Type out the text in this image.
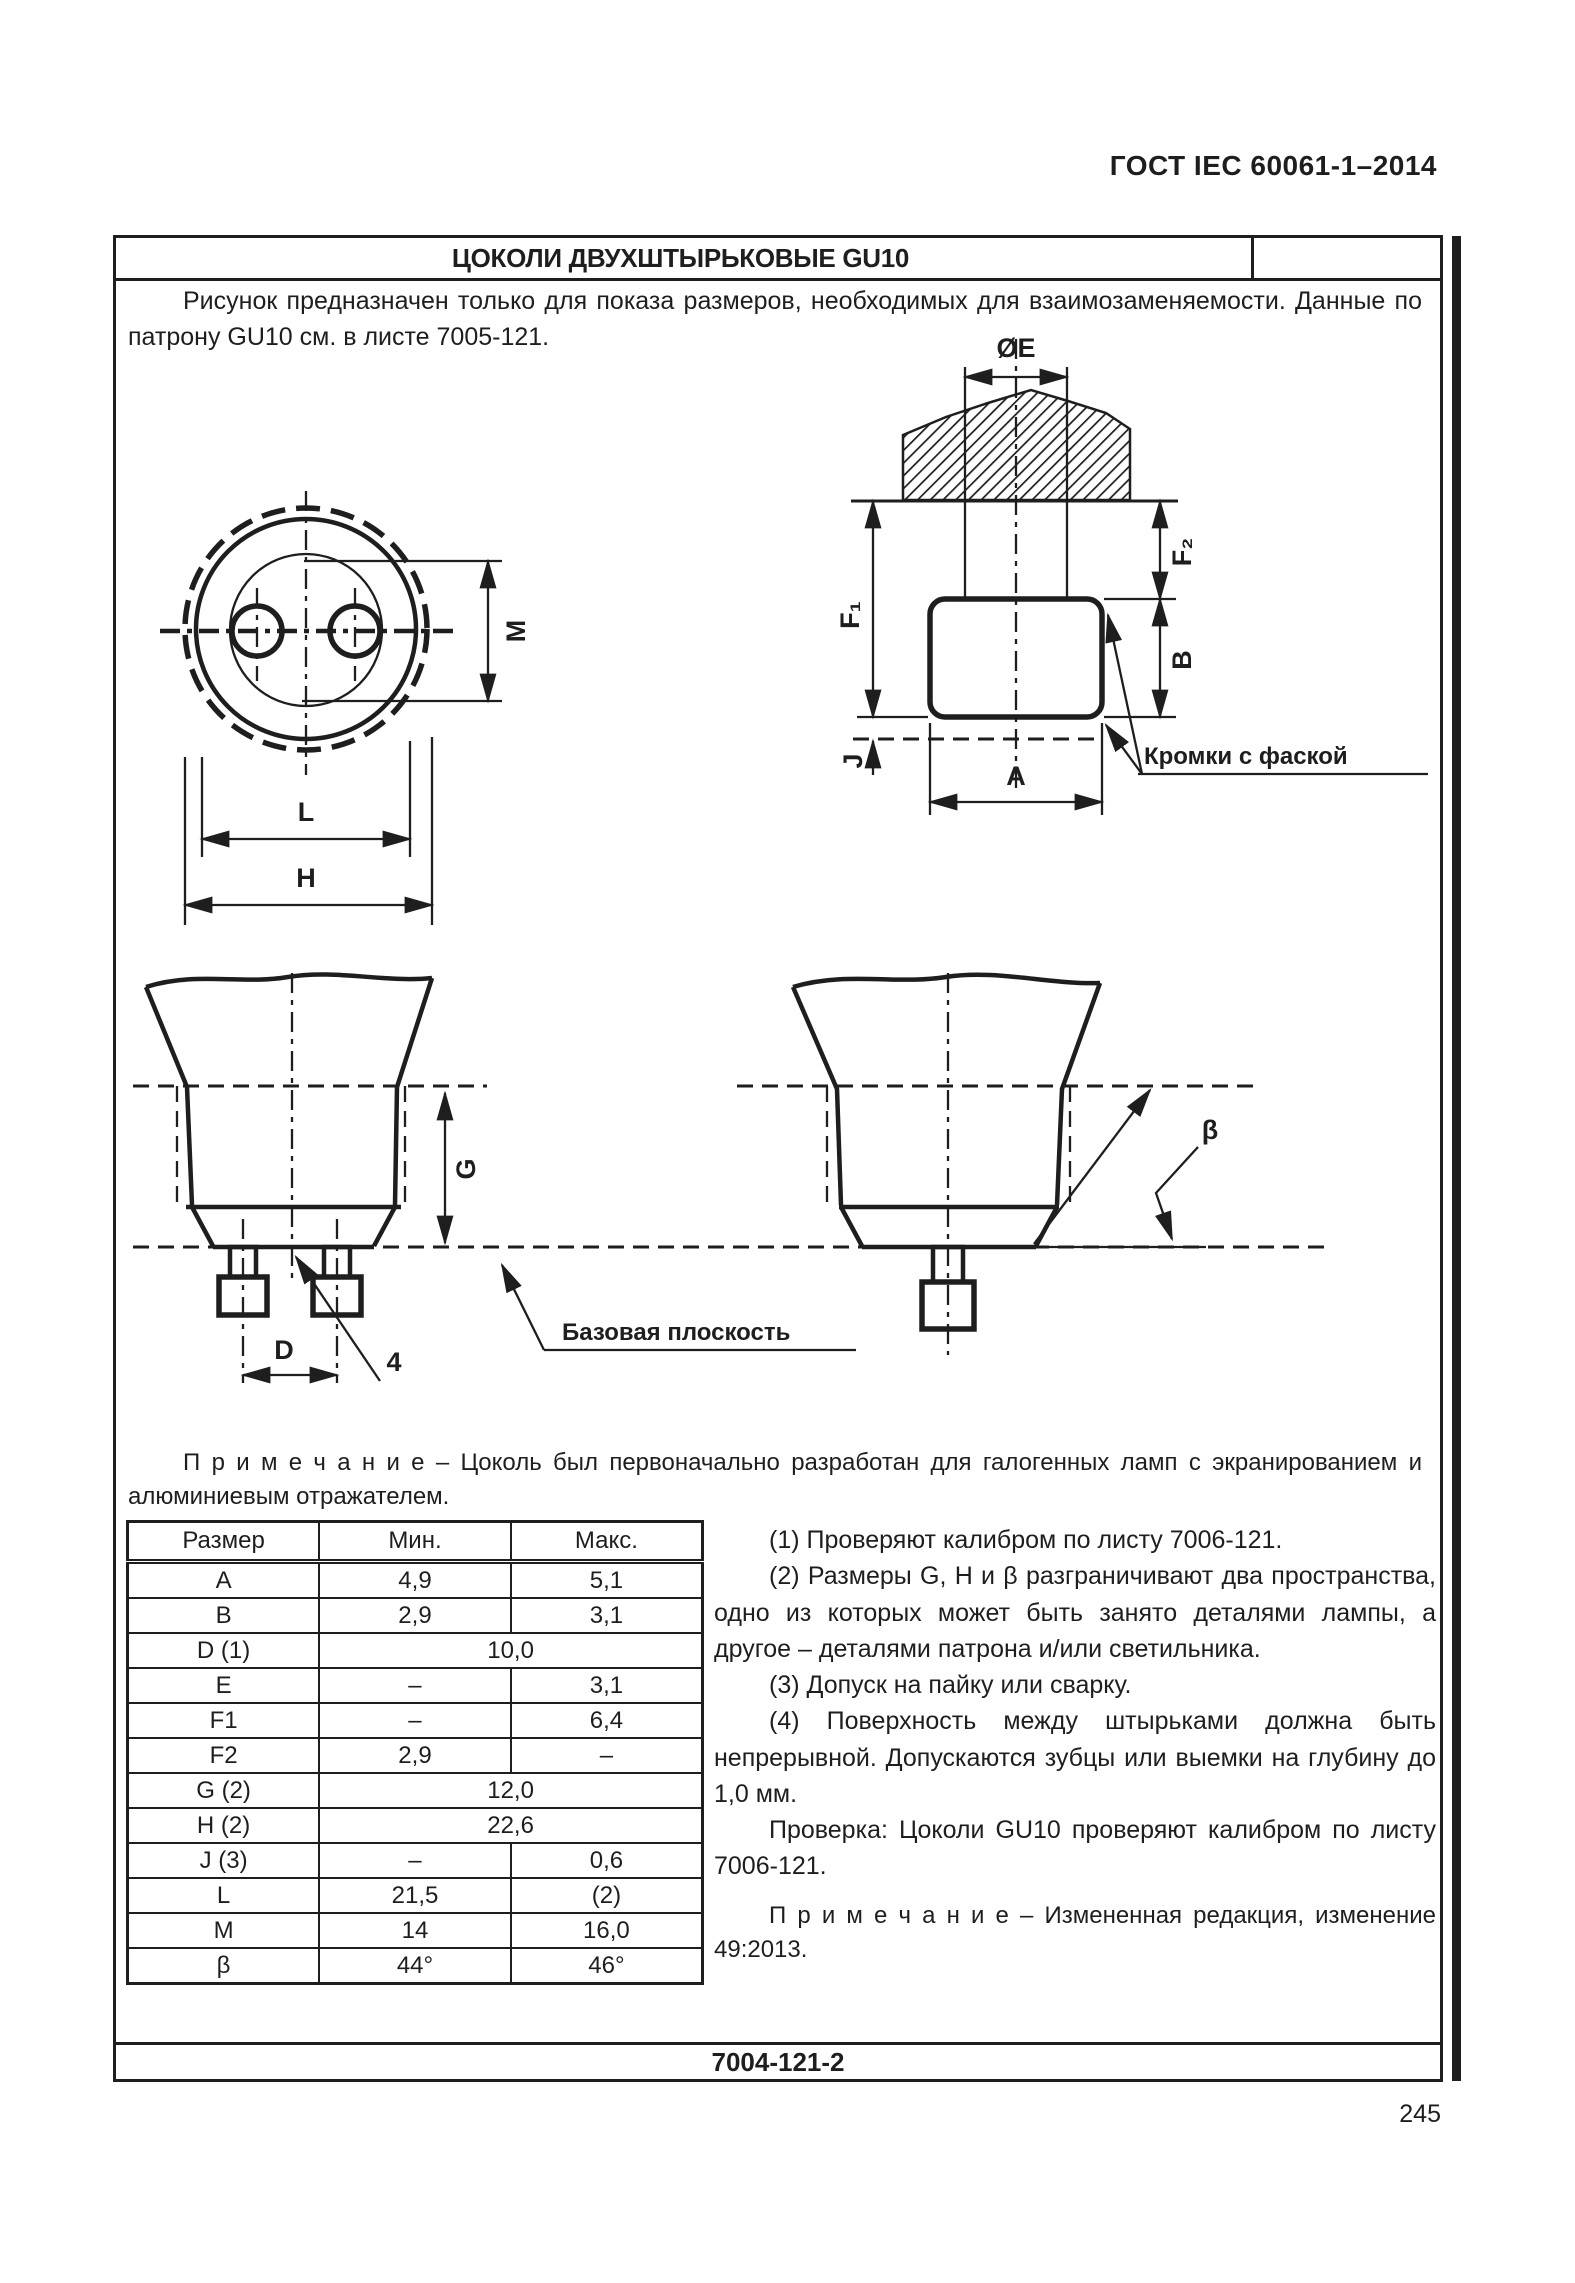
ГОСТ IEC 60061-1–2014
ЦОКОЛИ ДВУХШТЫРЬКОВЫЕ GU10

Рисунок предназначен только для показа размеров, необходимых для взаимозаменяемости. Данные по патрону GU10 см. в листе 7005-121.

M
L
H
ØE
F₂
B
F₁
J	A
Кромки с фаской
G
D	4
β
Базовая плоскость

П р и м е ч а н и е – Цоколь был первоначально разработан для галогенных ламп с экранированием и алюминиевым отражателем.

Размер	Мин.	Макс.
A	4,9	5,1
B	2,9	3,1
D (1)	10,0	
E	–	3,1
F1	–	6,4
F2	2,9	–
G (2)	12,0	
H (2)	22,6	
J (3)	–	0,6
L	21,5	(2)
M	14	16,0
β	44°	46°

(1) Проверяют калибром по листу 7006-121.

(2) Размеры G, H и β разграничивают два пространства, одно из которых может быть занято деталями лампы, а другое – деталями патрона и/или светильника.

(3) Допуск на пайку или сварку.

(4) Поверхность между штырьками должна быть непрерывной. Допускаются зубцы или выемки на глубину до 1,0 мм.

Проверка: Цоколи GU10 проверяют калибром по листу 7006-121.

П р и м е ч а н и е – Измененная редакция, изменение 49:2013.

7004-121-2
245
